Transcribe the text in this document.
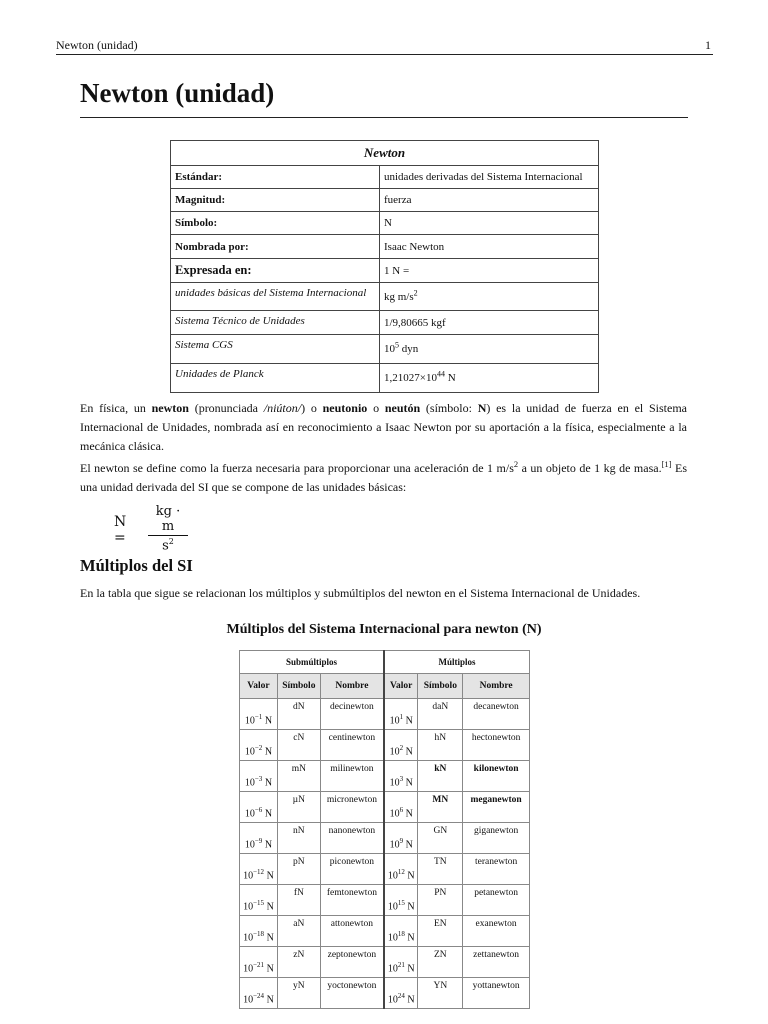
Newton (unidad)	1
Newton (unidad)
Newton	
Estándar:	unidades derivadas del Sistema Internacional
Magnitud:	fuerza
Símbolo:	N
Nombrada por:	Isaac Newton
Expresada en:	1 N =
unidades básicas del Sistema Internacional	kg $m/s^2$
Sistema Técnico de Unidades	1/9,80665 kgf
Sistema CGS	$10^5$ dyn
Unidades de Planck	$1,21027\times 10^{44}$ N

En física, un newton (pronunciada /niúton/) o neutonio o neutón (símbolo: N) es la unidad de fuerza en el Sistema Internacional de Unidades, nombrada así en reconocimiento a Isaac Newton por su aportación a la física, especialmente a la mecánica clásica.

El newton se define como la fuerza necesaria para proporcionar una aceleración de 1 $m/s^2$ a un objeto de 1 kg de masa.[1] Es una unidad derivada del SI que se compone de las unidades básicas:

$N = \frac{kg \cdot m}{s^2}$
Múltiplos del SI

En la tabla que sigue se relacionan los múltiplos y submúltiplos del newton en el Sistema Internacional de Unidades.

Múltiplos del Sistema Internacional para newton (N)

Submúltiplos			Múltiplos		
Valor	Símbolo	Nombre	Valor	Símbolo	Nombre
$10^{-1}$ N	dN	decinewton	$10^1$ N	daN	decanewton
$10^{-2}$ N	cN	centinewton	$10^2$ N	hN	hectonewton
$10^{-3}$ N	mN	milinewton	$10^3$ N	kN	kilonewton
$10^{-6}$ N	µN	micronewton	$10^6$ N	MN	meganewton
$10^{-9}$ N	nN	nanonewton	$10^9$ N	GN	giganewton
$10^{-12}$ N	pN	piconewton	$10^{12}$ N	TN	teranewton
$10^{-15}$ N	fN	femtonewton	$10^{15}$ N	PN	petanewton
$10^{-18}$ N	aN	attonewton	$10^{18}$ N	EN	exanewton
$10^{-21}$ N	zN	zeptonewton	$10^{21}$ N	ZN	zettanewton
$10^{-24}$ N	yN	yoctonewton	$10^{24}$ N	YN	yottanewton
